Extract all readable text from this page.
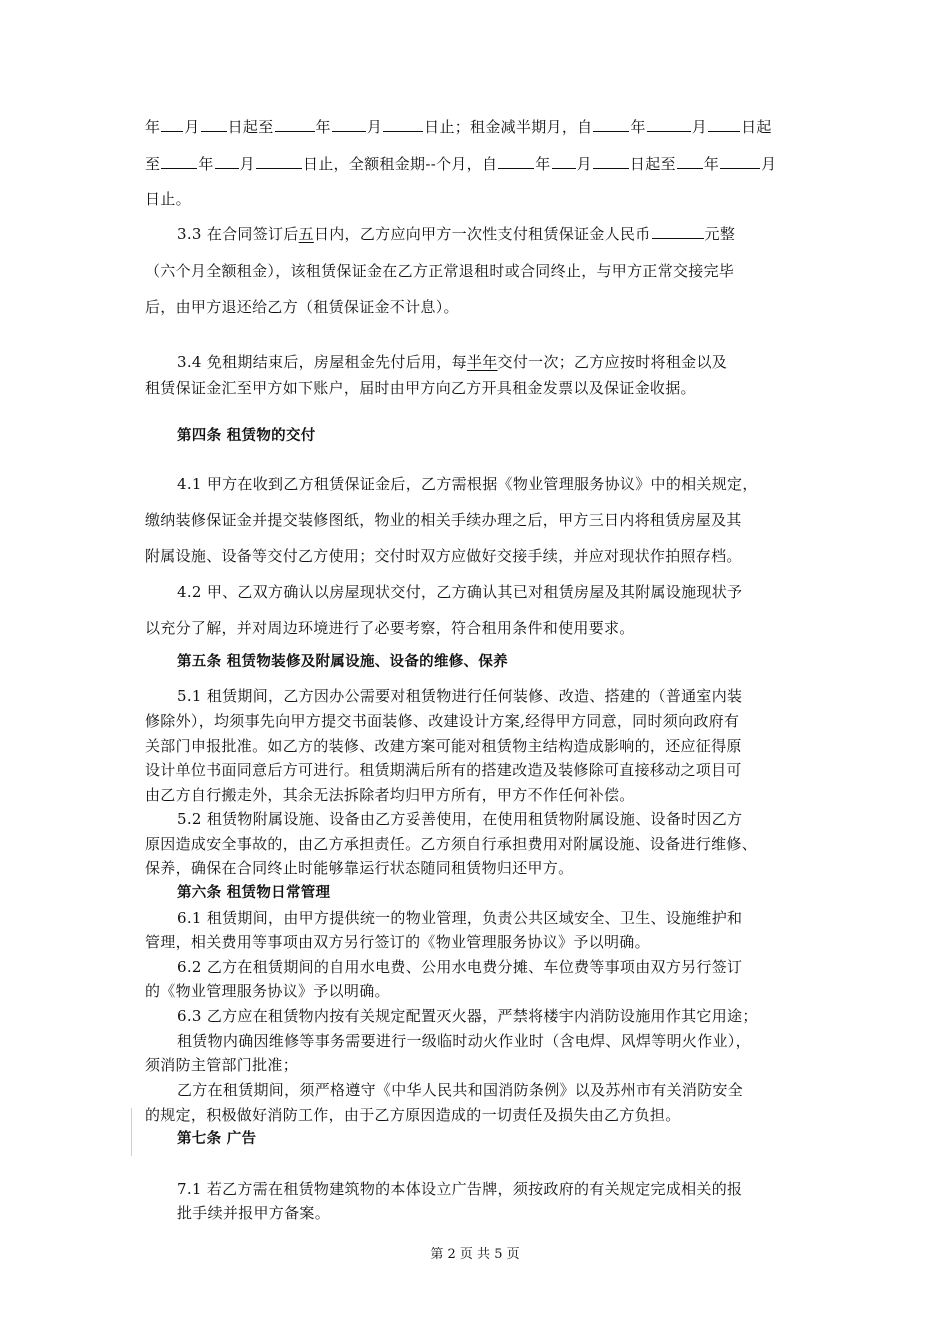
年 月 日起至	年 月	日止；租金减半期月，自	年	月 日起

至	年 月	日止，全额租金期--个月，自	年 月	日起至 年	月

日止。

3.3 在合同签订后五日内，乙方应向甲方一次性支付租赁保证金人民币	元整

（六个月全额租金），该租赁保证金在乙方正常退租时或合同终止，与甲方正常交接完毕

后，由甲方退还给乙方（租赁保证金不计息）。

3.4 免租期结束后，房屋租金先付后用，每半年交付一次；乙方应按时将租金以及

租赁保证金汇至甲方如下账户，届时由甲方向乙方开具租金发票以及保证金收据。

第四条 租赁物的交付

4.1 甲方在收到乙方租赁保证金后，乙方需根据《物业管理服务协议》中的相关规定，

缴纳装修保证金并提交装修图纸，物业的相关手续办理之后，甲方三日内将租赁房屋及其

附属设施、设备等交付乙方使用；交付时双方应做好交接手续，并应对现状作拍照存档。

4.2 甲、乙双方确认以房屋现状交付，乙方确认其已对租赁房屋及其附属设施现状予

以充分了解，并对周边环境进行了必要考察，符合租用条件和使用要求。

第五条 租赁物装修及附属设施、设备的维修、保养

5.1 租赁期间，乙方因办公需要对租赁物进行任何装修、改造、搭建的（普通室内装

修除外），均须事先向甲方提交书面装修、改建设计方案,经得甲方同意，同时须向政府有

关部门申报批准。如乙方的装修、改建方案可能对租赁物主结构造成影响的，还应征得原

设计单位书面同意后方可进行。租赁期满后所有的搭建改造及装修除可直接移动之项目可

由乙方自行搬走外，其余无法拆除者均归甲方所有，甲方不作任何补偿。

5.2 租赁物附属设施、设备由乙方妥善使用，在使用租赁物附属设施、设备时因乙方

原因造成安全事故的，由乙方承担责任。乙方须自行承担费用对附属设施、设备进行维修、

保养，确保在合同终止时能够靠运行状态随同租赁物归还甲方。

第六条 租赁物日常管理

6.1 租赁期间，由甲方提供统一的物业管理，负责公共区域安全、卫生、设施维护和

管理，相关费用等事项由双方另行签订的《物业管理服务协议》予以明确。

6.2 乙方在租赁期间的自用水电费、公用水电费分摊、车位费等事项由双方另行签订

的《物业管理服务协议》予以明确。

6.3 乙方应在租赁物内按有关规定配置灭火器，严禁将楼宇内消防设施用作其它用途；

租赁物内确因维修等事务需要进行一级临时动火作业时（含电焊、风焊等明火作业），

须消防主管部门批准；

乙方在租赁期间，须严格遵守《中华人民共和国消防条例》以及苏州市有关消防安全

的规定，积极做好消防工作，由于乙方原因造成的一切责任及损失由乙方负担。

第七条 广告

7.1 若乙方需在租赁物建筑物的本体设立广告牌，须按政府的有关规定完成相关的报

批手续并报甲方备案。

第 2 页 共 5 页
